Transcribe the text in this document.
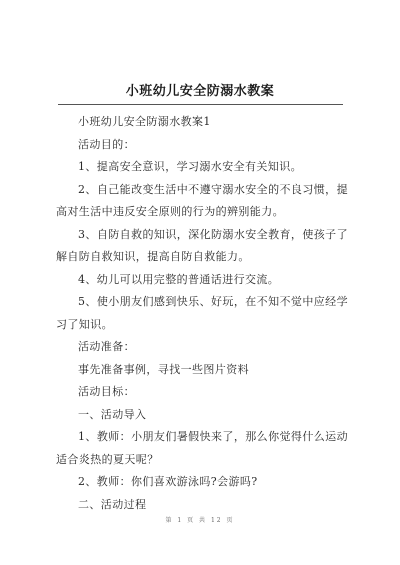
小班幼儿安全防溺水教案

小班幼儿安全防溺水教案1

活动目的：

1、提高安全意识，学习溺水安全有关知识。

2、自己能改变生活中不遵守溺水安全的不良习惯，提高对生活中违反安全原则的行为的辨别能力。

3、自防自救的知识，深化防溺水安全教育，使孩子了解自防自救知识，提高自防自救能力。

4、幼儿可以用完整的普通话进行交流。

5、使小朋友们感到快乐、好玩，在不知不觉中应经学习了知识。

活动准备：

事先准备事例，寻找一些图片资料

活动目标：

一、活动导入

1、教师：小朋友们暑假快来了，那么你觉得什么运动适合炎热的夏天呢？

2、教师：你们喜欢游泳吗?会游吗?

二、活动过程

第 1 页 共 12 页
